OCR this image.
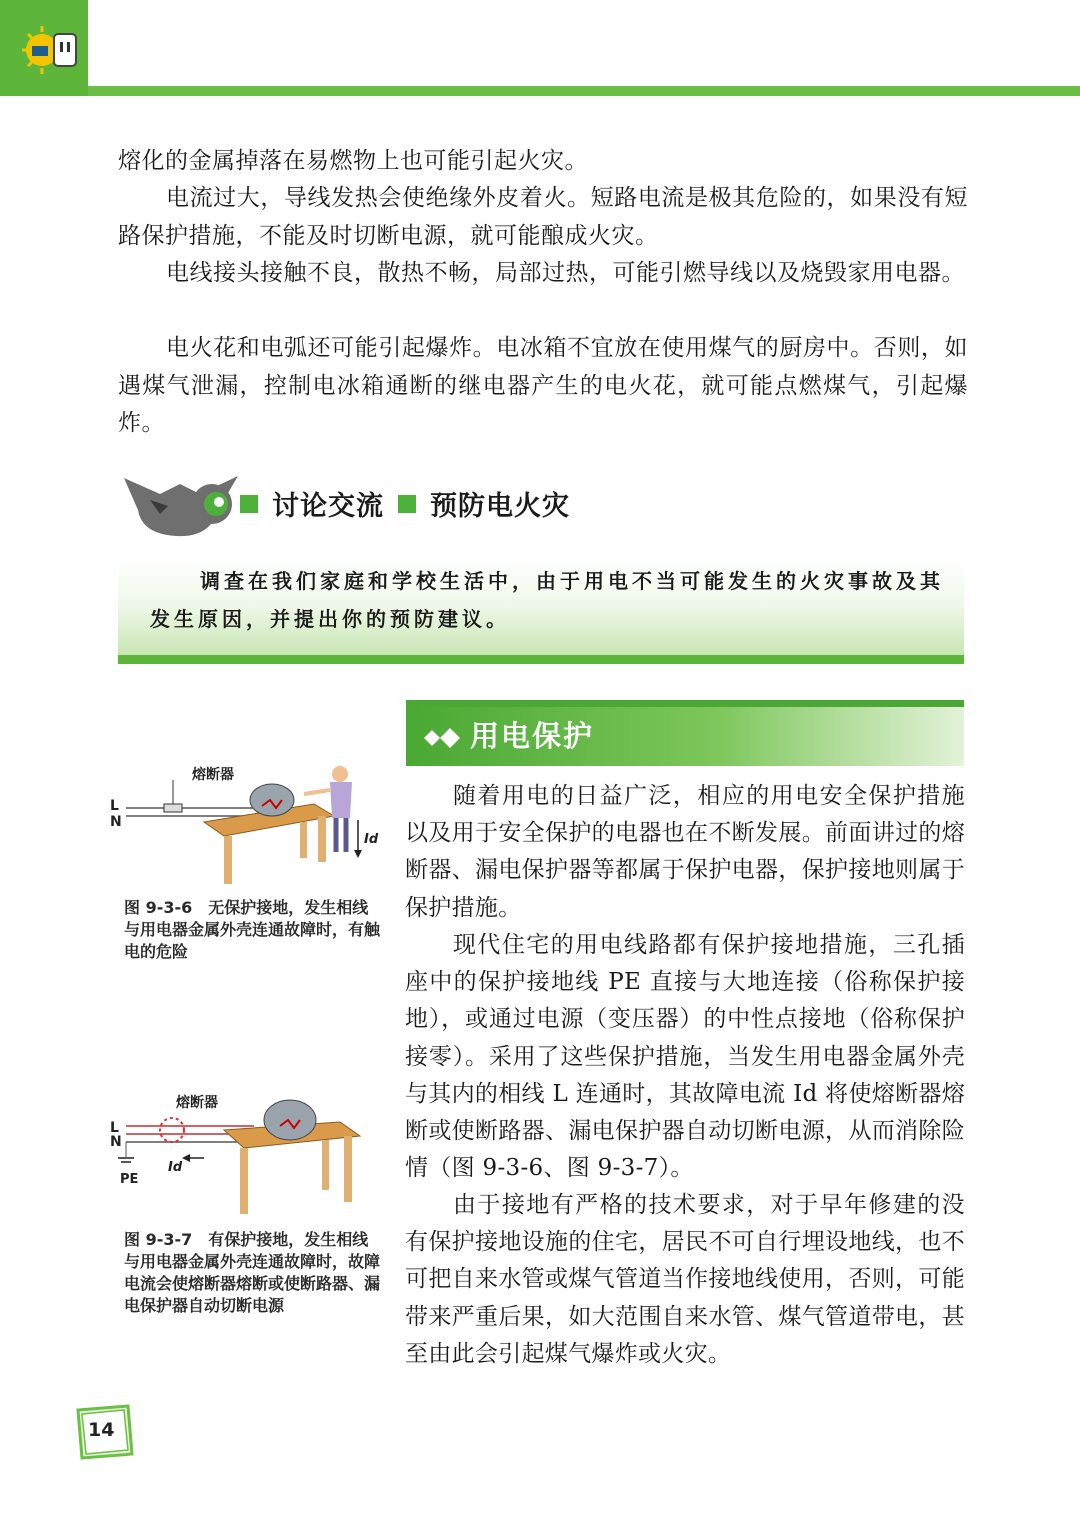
熔化的金属掉落在易燃物上也可能引起火灾。

电流过大，导线发热会使绝缘外皮着火。短路电流是极其危险的，如果没有短路保护措施，不能及时切断电源，就可能酿成火灾。

电线接头接触不良，散热不畅，局部过热，可能引燃导线以及烧毁家用电器。

电火花和电弧还可能引起爆炸。电冰箱不宜放在使用煤气的厨房中。否则，如遇煤气泄漏，控制电冰箱通断的继电器产生的电火花，就可能点燃煤气，引起爆炸。

讨论交流 预防电火灾

调查在我们家庭和学校生活中，由于用电不当可能发生的火灾事故及其发生原因，并提出你的预防建议。

用电保护

随着用电的日益广泛，相应的用电安全保护措施以及用于安全保护的电器也在不断发展。前面讲过的熔断器、漏电保护器等都属于保护电器，保护接地则属于保护措施。

现代住宅的用电线路都有保护接地措施，三孔插座中的保护接地线 PE 直接与大地连接（俗称保护接地），或通过电源（变压器）的中性点接地（俗称保护接零）。采用了这些保护措施，当发生用电器金属外壳与其内的相线 L 连通时，其故障电流 Id 将使熔断器熔断或使断路器、漏电保护器自动切断电源，从而消除险情（图 9-3-6、图 9-3-7）。

由于接地有严格的技术要求，对于早年修建的没有保护接地设施的住宅，居民不可自行埋设地线，也不可把自来水管或煤气管道当作接地线使用，否则，可能带来严重后果，如大范围自来水管、煤气管道带电，甚至由此会引起煤气爆炸或火灾。

熔断器
L
N
Id

图 9-3-6　无保护接地，发生相线与用电器金属外壳连通故障时，有触电的危险

熔断器
L
N
PE
Id

图 9-3-7　有保护接地，发生相线与用电器金属外壳连通故障时，故障电流会使熔断器熔断或使断路器、漏电保护器自动切断电源

14
